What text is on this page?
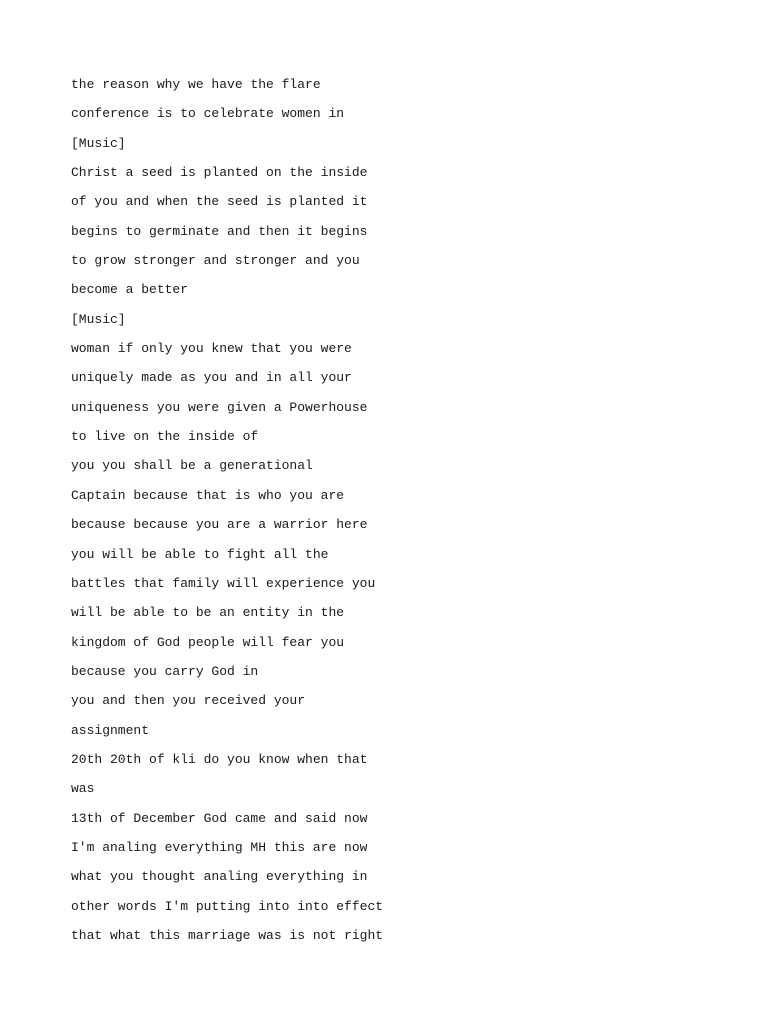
the reason why we have the flare

conference is to celebrate women in

[Music]

Christ a seed is planted on the inside

of you and when the seed is planted it

begins to germinate and then it begins

to grow stronger and stronger and you

become a better

[Music]

woman if only you knew that you were

uniquely made as you and in all your

uniqueness you were given a Powerhouse

to live on the inside of

you you shall be a generational

Captain because that is who you are

because because you are a warrior here

you will be able to fight all the

battles that family will experience you

will be able to be an entity in the

kingdom of God people will fear you

because you carry God in

you and then you received your

assignment

20th 20th of kli do you know when that

was

13th of December God came and said now

I'm analing everything MH this are now

what you thought analing everything in

other words I'm putting into into effect

that what this marriage was is not right
